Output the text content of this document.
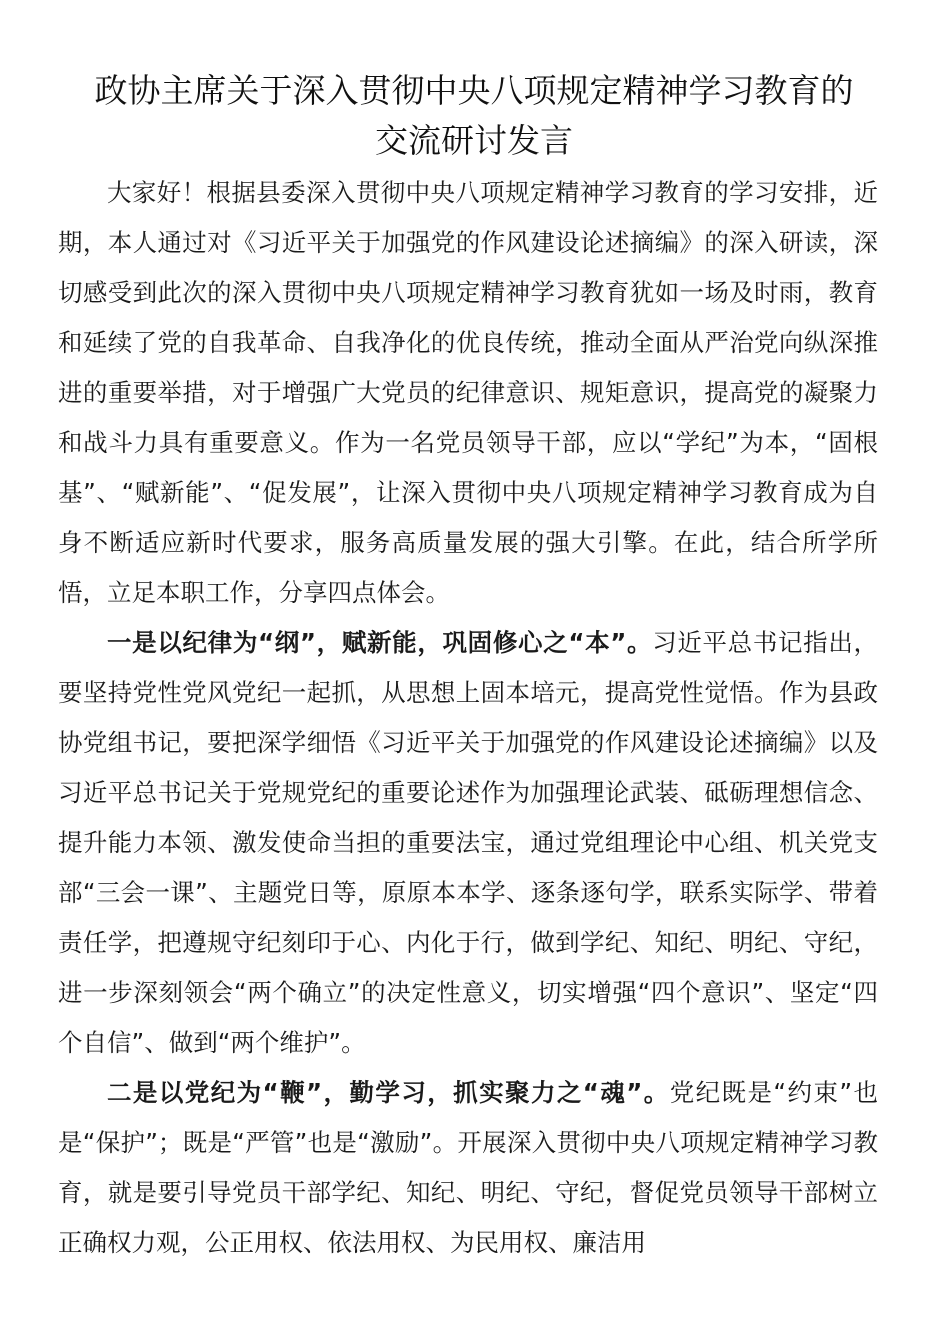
政协主席关于深入贯彻中央八项规定精神学习教育的
交流研讨发言

大家好！根据县委深入贯彻中央八项规定精神学习教育的学习安排，近期，本人通过对《习近平关于加强党的作风建设论述摘编》的深入研读，深切感受到此次的深入贯彻中央八项规定精神学习教育犹如一场及时雨，教育和延续了党的自我革命、自我净化的优良传统，推动全面从严治党向纵深推进的重要举措，对于增强广大党员的纪律意识、规矩意识，提高党的凝聚力和战斗力具有重要意义。作为一名党员领导干部，应以“学纪”为本，“固根基”、“赋新能”、“促发展”，让深入贯彻中央八项规定精神学习教育成为自身不断适应新时代要求，服务高质量发展的强大引擎。在此，结合所学所悟，立足本职工作，分享四点体会。

一是以纪律为“纲”，赋新能，巩固修心之“本”。习近平总书记指出，要坚持党性党风党纪一起抓，从思想上固本培元，提高党性觉悟。作为县政协党组书记，要把深学细悟《习近平关于加强党的作风建设论述摘编》以及习近平总书记关于党规党纪的重要论述作为加强理论武装、砥砺理想信念、提升能力本领、激发使命当担的重要法宝，通过党组理论中心组、机关党支部“三会一课”、主题党日等，原原本本学、逐条逐句学，联系实际学、带着责任学，把遵规守纪刻印于心、内化于行，做到学纪、知纪、明纪、守纪，进一步深刻领会“两个确立”的决定性意义，切实增强“四个意识”、坚定“四个自信”、做到“两个维护”。

二是以党纪为“鞭”，勤学习，抓实聚力之“魂”。党纪既是“约束”也是“保护”；既是“严管”也是“激励”。开展深入贯彻中央八项规定精神学习教育，就是要引导党员干部学纪、知纪、明纪、守纪，督促党员领导干部树立正确权力观，公正用权、依法用权、为民用权、廉洁用
